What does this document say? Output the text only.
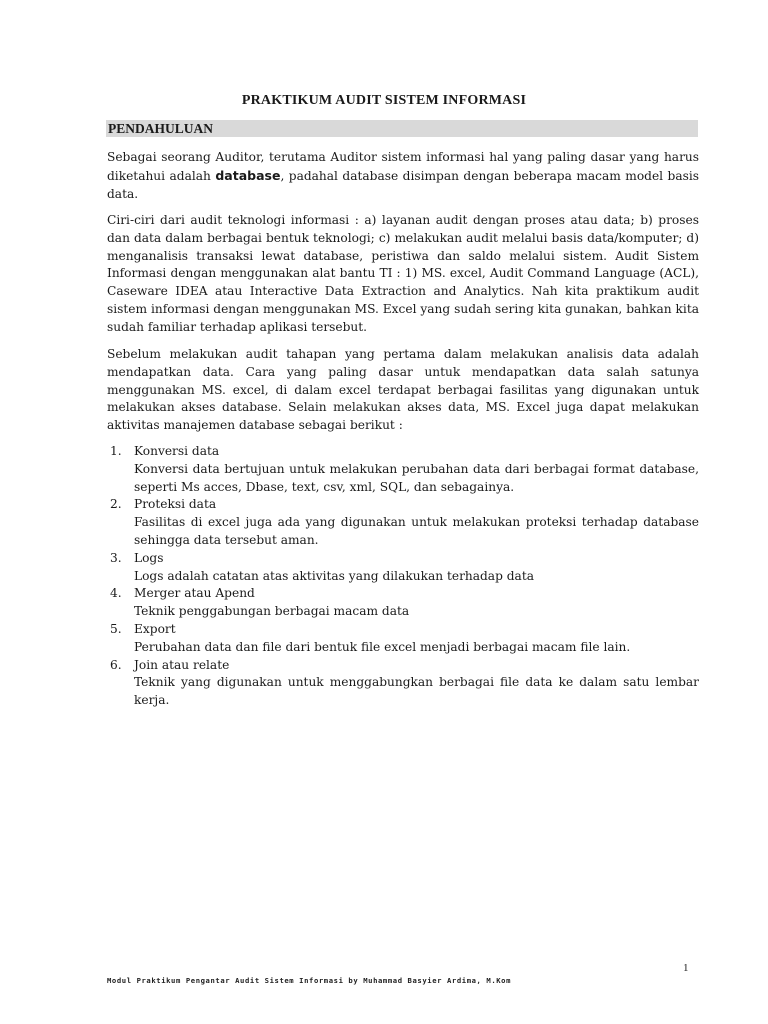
PRAKTIKUM AUDIT SISTEM INFORMASI
PENDAHULUAN

Sebagai seorang Auditor, terutama Auditor sistem informasi hal yang paling dasar yang harus diketahui adalah database, padahal database disimpan dengan beberapa macam model basis data.

Ciri-ciri dari audit teknologi informasi : a) layanan audit dengan proses atau data; b) proses dan data dalam berbagai bentuk teknologi; c) melakukan audit melalui basis data/komputer; d) menganalisis transaksi lewat database, peristiwa dan saldo melalui sistem. Audit Sistem Informasi dengan menggunakan alat bantu TI : 1) MS. excel, Audit Command Language (ACL), Caseware IDEA atau Interactive Data Extraction and Analytics. Nah kita praktikum audit sistem informasi dengan menggunakan MS. Excel yang sudah sering kita gunakan, bahkan kita sudah familiar terhadap aplikasi tersebut.

Sebelum melakukan audit tahapan yang pertama dalam melakukan analisis data adalah mendapatkan data. Cara yang paling dasar untuk mendapatkan data salah satunya menggunakan MS. excel, di dalam excel terdapat berbagai fasilitas yang digunakan untuk melakukan akses database. Selain melakukan akses data, MS. Excel juga dapat melakukan aktivitas manajemen database sebagai berikut :

1. Konversi data
Konversi data bertujuan untuk melakukan perubahan data dari berbagai format database, seperti Ms acces, Dbase, text, csv, xml, SQL, dan sebagainya.
2. Proteksi data
Fasilitas di excel juga ada yang digunakan untuk melakukan proteksi terhadap database sehingga data tersebut aman.
3. Logs
Logs adalah catatan atas aktivitas yang dilakukan terhadap data
4. Merger atau Apend
Teknik penggabungan berbagai macam data
5. Export
Perubahan data dan file dari bentuk file excel menjadi berbagai macam file lain.
6. Join atau relate
Teknik yang digunakan untuk menggabungkan berbagai file data ke dalam satu lembar kerja.
1
Modul Praktikum Pengantar Audit Sistem Informasi by Muhammad Basyier Ardima, M.Kom
